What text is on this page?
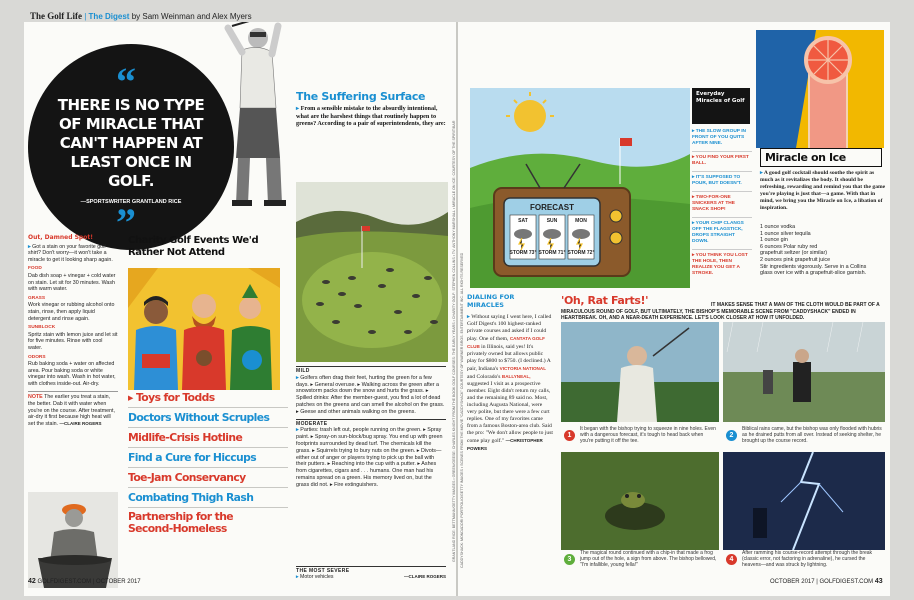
The Golf Life | The Digest by Sam Weinman and Alex Myers
“
THERE IS NO TYPE OF MIRACLE THAT CAN'T HAPPEN AT LEAST ONCE IN GOLF.
—SPORTSWRITER GRANTLAND RICE
”
Out, Damned Spot!

▸ Got a stain on your favorite golf shirt? Don't worry—it won't take a miracle to get it looking sharp again.

FOOD
Dab dish soap + vinegar + cold water on stain. Let sit for 30 minutes. Wash with warm water.
GRASS
Work vinegar or rubbing alcohol onto stain, rinse, then apply liquid detergent and rinse again.
SUNBLOCK
Spritz stain with lemon juice and let sit for five minutes. Rinse with cool water.
ODORS
Rub baking soda + water on affected area. Pour baking soda or white vinegar into wash. Wash in hot water, with clothes inside-out. Air-dry.

NOTE The earlier you treat a stain, the better. Dab it with water when you're on the course. After treatment, air-dry it first because high heat will set the stain. —CLAIRE ROGERS

Charity Golf Events We'd Rather Not Attend
▸ Toys for Todds
Doctors Without Scruples
Midlife-Crisis Hotline
Find a Cure for Hiccups
Toe-Jam Conservancy
Combating Thigh Rash
Partnership for the Second-Homeless
The Suffering Surface
▸ From a sensible mistake to the absurdly intentional, what are the harshest things that routinely happen to greens? According to a pair of superintendents, they are:
MILD
▸ Golfers often drag their feet, hurting the green for a few days. ▸ General overuse. ▸ Walking across the green after a snowstorm packs down the snow and hurts the grass. ▸ Spilled drinks: After the member-guest, you find a lot of dead patches on the greens and can smell the alcohol on the grass. ▸ Geese and other animals walking on the greens.
MODERATE
▸ Parties: trash left out, people running on the green. ▸ Spray paint. ▸ Spray-on sun-block/bug spray. You end up with green footprints surrounded by dead turf. The chemicals kill the grass. ▸ Squirrels trying to bury nuts on the green. ▸ Divots—either out of anger or players trying to pick up the ball with their putters. ▸ Reaching into the cup with a putter. ▸ Ashes from cigarettes, cigars and . . . humans. One man had his remains spread on a green. His memory lived on, but the grass did not. ▸ Fire extinguishers.
THE MOST SEVERE
▸ Motor vehicles	—CLAIRE ROGERS
GRANTLAND RICE: BETTMANN/GETTY IMAGES • GREEN/GEESE: CHARLES KNIGHT FROM THE BOOK GOLF COURSES: THE EARLY YEARS • CHARITY GOLF: STEPHEN COLLINS • TV: ANTHONY MARSHALL • MIRACLE ON ICE: COURTESY OF THE SPIRIT/BAR	FORECAST
SAT	SUN	MON
STORM 73° STORM 71° STORM 72°
Everyday Miracles of Golf
▸ THE SLOW GROUP IN FRONT OF YOU QUITS AFTER NINE.
▸ YOU FIND YOUR FIRST BALL.
▸ IT'S SUPPOSED TO POUR, BUT DOESN'T.
▸ TWO-FOR-ONE SNICKERS AT THE SNACK SHOP!
▸ YOUR CHIP CLANGS OFF THE FLAGSTICK, DROPS STRAIGHT DOWN.
▸ YOU THINK YOU LOST THE HOLE, THEN REALIZE YOU GET A STROKE.
Miracle on Ice
▸ A good golf cocktail should soothe the spirit as much as it revitalizes the body. It should be refreshing, rewarding and remind you that the game you're playing is just that—a game. With that in mind, we bring you the Miracle on Ice, a libation of inspiration.
1 ounce vodka
1 ounce silver tequila
1 ounce gin
6 ounces Polar ruby red
grapefruit seltzer (or similar)
2 ounces pink grapefruit juice
Stir ingredients vigorously. Serve in a Collins
glass over ice with a grapefruit-slice garnish.
DIALING FOR
MIRACLES
▸ Without saying I went here, I called Golf Digest's 100 highest-ranked private courses and asked if I could play. One of them, CANTATA GOLF CLUB in Illinois, said yes! It's privately owned but allows public play for $800 to $750. (I declined.) A pair, Indiana's VICTORIA NATIONAL and Colorado's BALLYNEAL, suggested I visit as a prospective member. Eight didn't return my calls, and the remaining 89 said no. Most, including Augusta National, were very polite, but there were a few curt replies. One of my favorites came from a famous Boston-area club. Said the pro: "We don't allow people to just come play golf." —CHRISTOPHER POWERS
CADDYSHACK: MONDADORI PORTFOLIO/GETTY IMAGES • SCENES FROM THE MOVIE "CADDYSHACK" COURTESY OF WARNER BROS. ENTERTAINMENT INC. ALL RIGHTS RESERVED	'Oh, Rat Farts!'	IT MAKES SENSE THAT A MAN OF THE CLOTH WOULD BE PART OF A MIRACULOUS ROUND OF GOLF, BUT ULTIMATELY, THE BISHOP'S MEMORABLE SCENE FROM "CADDYSHACK" ENDED IN HEARTBREAK. OH, AND A NEAR-DEATH EXPERIENCE. LET'S LOOK CLOSER AT HOW IT UNFOLDED.
1
It began with the bishop trying to squeeze in nine holes. Even with a dangerous forecast, it's tough to head back when you're putting it off the tee.
2
Biblical rains came, but the bishop was only flooded with hubris as he drained putts from all over. Instead of seeking shelter, he brought up the course record.
3
The magical round continued with a chip-in that made a frog jump out of the hole, a sign from above. The bishop bellowed, "I'm infallible, young fella!"
4
After ramming his course-record attempt through the break (classic error, not factoring in adrenaline), he cursed the heavens—and was struck by lightning.
42 GOLFDIGEST.COM | OCTOBER 2017	OCTOBER 2017 | GOLFDIGEST.COM 43
